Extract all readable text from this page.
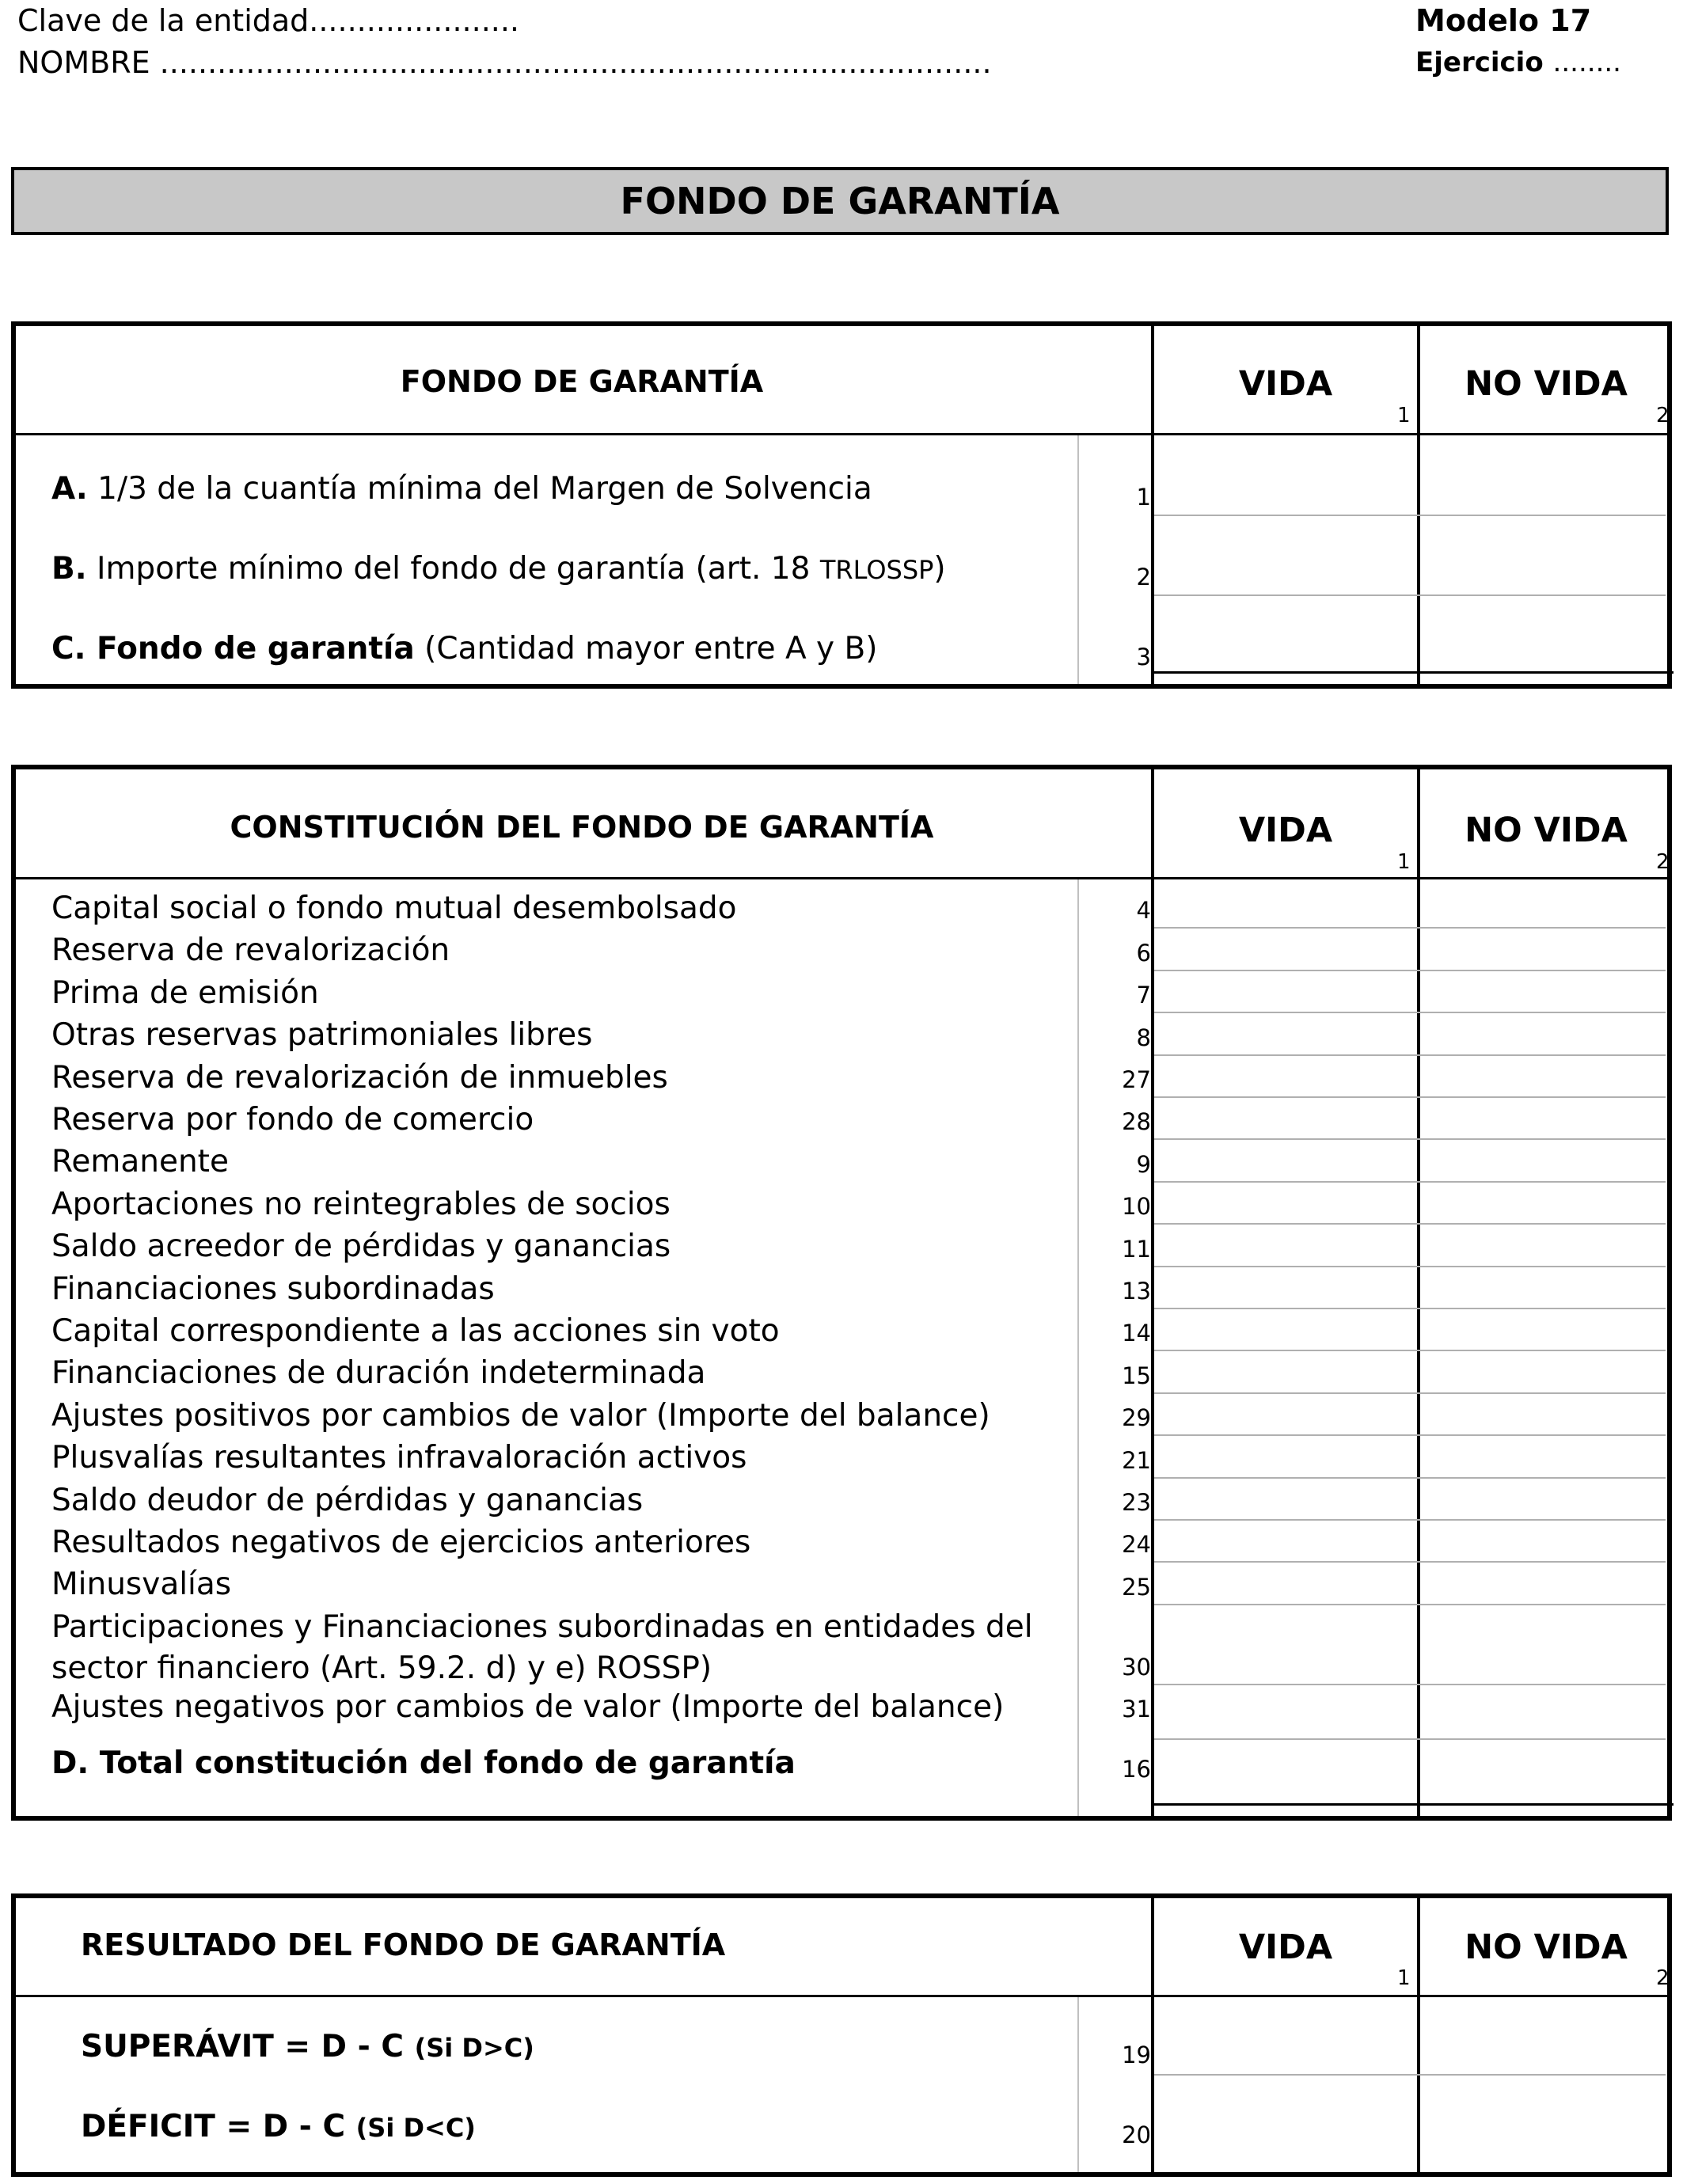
Clave de la entidad......................
NOMBRE .......................................................................................
Modelo 17
Ejercicio ........
FONDO DE GARANTÍA
FONDO DE GARANTÍA	VIDA	NO VIDA
1	2
A. 1/3 de la cuantía mínima del Margen de Solvencia	1
B. Importe mínimo del fondo de garantía (art. 18 TRLOSSP)	2
C. Fondo de garantía (Cantidad mayor entre A y B)	3
CONSTITUCIÓN DEL FONDO DE GARANTÍA	VIDA	NO VIDA
1	2
Capital social o fondo mutual desembolsado	4
Reserva de revalorización	6
Prima de emisión	7
Otras reservas patrimoniales libres	8
Reserva de revalorización de inmuebles	27
Reserva por fondo de comercio	28
Remanente	9
Aportaciones no reintegrables de socios	10
Saldo acreedor de pérdidas y ganancias	11
Financiaciones subordinadas	13
Capital correspondiente a las acciones sin voto	14
Financiaciones de duración indeterminada	15
Ajustes positivos por cambios de valor (Importe del balance)	29
Plusvalías resultantes infravaloración activos	21
Saldo deudor de pérdidas y ganancias	23
Resultados negativos de ejercicios anteriores	24
Minusvalías	25
Participaciones y Financiaciones subordinadas en entidades del
sector financiero (Art. 59.2. d) y e) ROSSP)	30
Ajustes negativos por cambios de valor (Importe del balance)	31
D. Total constitución del fondo de garantía	16
RESULTADO DEL FONDO DE GARANTÍA	VIDA	NO VIDA
1	2
SUPERÁVIT = D - C (Si D>C)	19
DÉFICIT = D - C (Si D<C)	20
